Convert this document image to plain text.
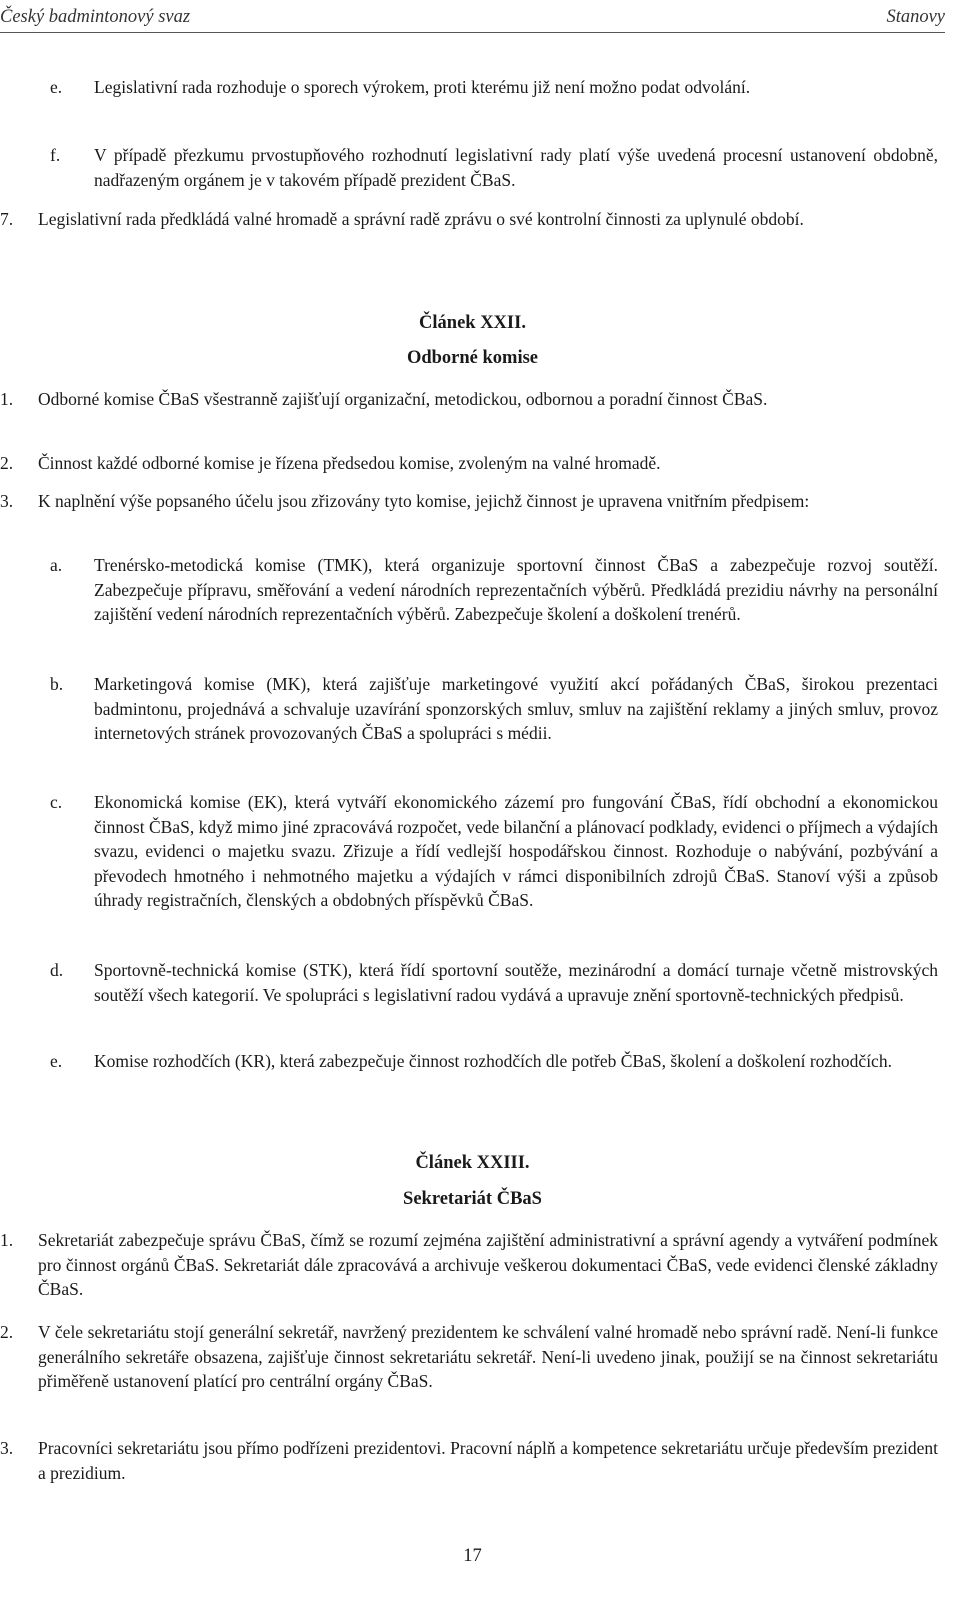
Český badmintonový svaz	Stanovy
e. Legislativní rada rozhoduje o sporech výrokem, proti kterému již není možno podat odvolání.
f. V případě přezkumu prvostupňového rozhodnutí legislativní rady platí výše uvedená procesní ustanovení obdobně, nadřazeným orgánem je v takovém případě prezident ČBaS.
7. Legislativní rada předkládá valné hromadě a správní radě zprávu o své kontrolní činnosti za uplynulé období.
Článek XXII.
Odborné komise
1. Odborné komise ČBaS všestranně zajišťují organizační, metodickou, odbornou a poradní činnost ČBaS.
2. Činnost každé odborné komise je řízena předsedou komise, zvoleným na valné hromadě.
3. K naplnění výše popsaného účelu jsou zřizovány tyto komise, jejichž činnost je upravena vnitřním předpisem:
a. Trenérsko-metodická komise (TMK), která organizuje sportovní činnost ČBaS a zabezpečuje rozvoj soutěží. Zabezpečuje přípravu, směřování a vedení národních reprezentačních výběrů. Předkládá prezidiu návrhy na personální zajištění vedení národních reprezentačních výběrů. Zabezpečuje školení a doškolení trenérů.
b. Marketingová komise (MK), která zajišťuje marketingové využití akcí pořádaných ČBaS, širokou prezentaci badmintonu, projednává a schvaluje uzavírání sponzorských smluv, smluv na zajištění reklamy a jiných smluv, provoz internetových stránek provozovaných ČBaS a spolupráci s médii.
c. Ekonomická komise (EK), která vytváří ekonomického zázemí pro fungování ČBaS, řídí obchodní a ekonomickou činnost ČBaS, když mimo jiné zpracovává rozpočet, vede bilanční a plánovací podklady, evidenci o příjmech a výdajích svazu, evidenci o majetku svazu. Zřizuje a řídí vedlejší hospodářskou činnost. Rozhoduje o nabývání, pozbývání a převodech hmotného i nehmotného majetku a výdajích v rámci disponibilních zdrojů ČBaS. Stanoví výši a způsob úhrady registračních, členských a obdobných příspěvků ČBaS.
d. Sportovně-technická komise (STK), která řídí sportovní soutěže, mezinárodní a domácí turnaje včetně mistrovských soutěží všech kategorií. Ve spolupráci s legislativní radou vydává a upravuje znění sportovně-technických předpisů.
e. Komise rozhodčích (KR), která zabezpečuje činnost rozhodčích dle potřeb ČBaS, školení a doškolení rozhodčích.
Článek XXIII.
Sekretariát ČBaS
1. Sekretariát zabezpečuje správu ČBaS, čímž se rozumí zejména zajištění administrativní a správní agendy a vytváření podmínek pro činnost orgánů ČBaS. Sekretariát dále zpracovává a archivuje veškerou dokumentaci ČBaS, vede evidenci členské základny ČBaS.
2. V čele sekretariátu stojí generální sekretář, navržený prezidentem ke schválení valné hromadě nebo správní radě. Není-li funkce generálního sekretáře obsazena, zajišťuje činnost sekretariátu sekretář. Není-li uvedeno jinak, použijí se na činnost sekretariátu přiměřeně ustanovení platící pro centrální orgány ČBaS.
3. Pracovníci sekretariátu jsou přímo podřízeni prezidentovi. Pracovní náplň a kompetence sekretariátu určuje především prezident a prezidium.
17
